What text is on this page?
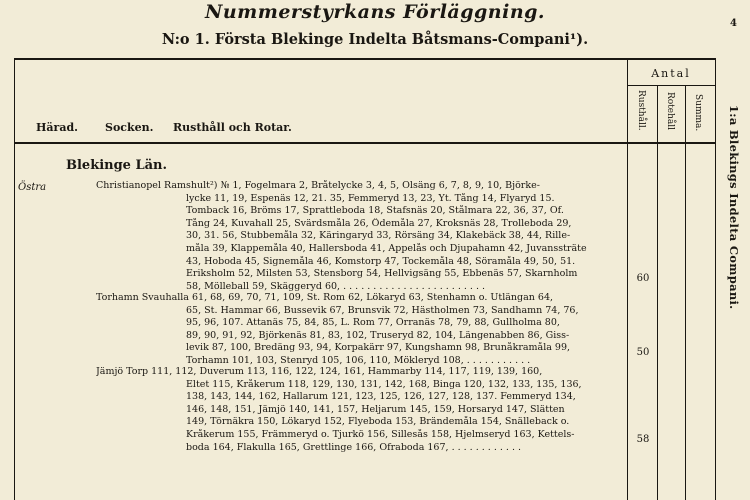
4
Nummerstyrkans Förläggning.
N:o 1. Första Blekinge Indelta Båtsmans-Compani¹).
Antal
Rusthåll. Rotehåll Summa.
Härad. Socken. Rusthåll och Rotar.	1:a Blekings Indelta Compani.
Blekinge Län.
Östra	Christianopel Ramshult²) № 1, Fogelmara 2, Bråtelycke 3, 4, 5, Olsäng 6, 7, 8, 9, 10, Björke-
lycke 11, 19, Espenäs 12, 21. 35, Femmeryd 13, 23, Yt. Tång 14, Flyaryd 15.
Tomback 16, Bröms 17, Sprattleboda 18, Stafsnäs 20, Stålmara 22, 36, 37, Of.
Tång 24, Kuvahall 25, Svärdsmåla 26, Ödemåla 27, Kroksnäs 28, Trolleboda 29,
30, 31. 56, Stubbemåla 32, Käringaryd 33, Rörsäng 34, Klakebäck 38, 44, Rille-
måla 39, Klappemåla 40, Hallersboda 41, Appelås och Djupahamn 42, Juvanssträte
43, Hoboda 45, Signemåla 46, Komstorp 47, Tockemåla 48, Söramåla 49, 50, 51.
Eriksholm 52, Milsten 53, Stensborg 54, Hellvigsäng 55, Ebbenäs 57, Skarnholm
58, Mölleball 59, Skäggeryd 60, . . . . . . . . . . . . . . . . . . . . . . . .
60
Torhamn Svauhalla 61, 68, 69, 70, 71, 109, St. Rom 62, Lökaryd 63, Stenhamn o. Utlängan 64,
65, St. Hammar 66, Bussevik 67, Brunsvik 72, Hästholmen 73, Sandhamn 74, 76,
95, 96, 107. Attanäs 75, 84, 85, L. Rom 77, Orranäs 78, 79, 88, Gullholma 80,
89, 90, 91, 92, Björkenäs 81, 83, 102, Truseryd 82, 104, Längenabben 86, Giss-
levik 87, 100, Bredäng 93, 94, Korpakärr 97, Kungshamn 98, Brunåkramåla 99,
Torhamn 101, 103, Stenryd 105, 106, 110, Mökleryd 108, . . . . . . . . . . .
50
Jämjö Torp 111, 112, Duverum 113, 116, 122, 124, 161, Hammarby 114, 117, 119, 139, 160,
Eltet 115, Kråkerum 118, 129, 130, 131, 142, 168, Binga 120, 132, 133, 135, 136,
138, 143, 144, 162, Hallarum 121, 123, 125, 126, 127, 128, 137. Femmeryd 134,
146, 148, 151, Jämjö 140, 141, 157, Heljarum 145, 159, Horsaryd 147, Slätten
149, Törnäkra 150, Lökaryd 152, Flyeboda 153, Brändemåla 154, Snälleback o.
Kråkerum 155, Främmeryd o. Tjurkö 156, Sillesås 158, Hjelmseryd 163, Kettels-
boda 164, Flakulla 165, Grettlinge 166, Ofraboda 167, . . . . . . . . . . . .
58
